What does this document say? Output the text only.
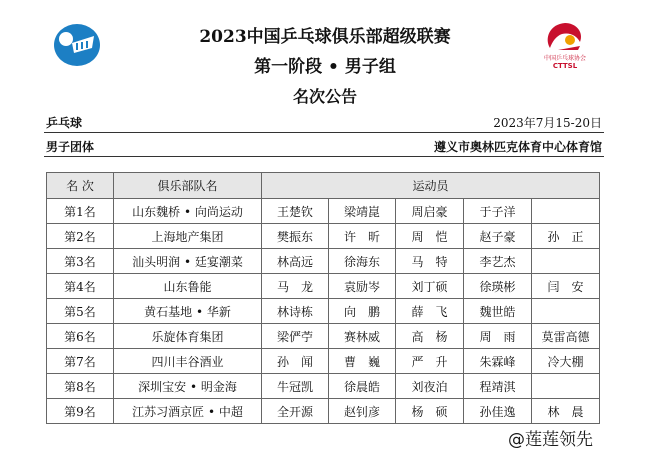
2023中国乒乓球俱乐部超级联赛
第一阶段 • 男子组
名次公告
中国乒乓球协会
CTTSL
乒乓球	2023年7月15-20日
男子团体	遵义市奥林匹克体育中心体育馆
名 次	俱乐部队名	运动员				
第1名	山东魏桥 • 向尚运动	王楚钦	梁靖崑	周启豪	于子洋	
第2名	上海地产集团	樊振东	许　昕	周　恺	赵子豪	孙　正
第3名	汕头明润 • 廷宴潮菜	林高远	徐海东	马　特	李艺杰	
第4名	山东鲁能	马　龙	袁励岑	刘丁硕	徐瑛彬	闫　安
第5名	黄石基地 • 华新	林诗栋	向　鹏	薛　飞	魏世皓	
第6名	乐旋体育集团	梁俨苧	赛林威	高　杨	周　雨	莫雷高德
第7名	四川丰谷酒业	孙　闻	曹　巍	严　升	朱霖峰	冷大棚
第8名	深圳宝安 • 明金海	牛冠凯	徐晨皓	刘夜泊	程靖淇	
第9名	江苏习酒京匠 • 中超	全开源	赵钊彦	杨　硕	孙佳逸	林　晨
@莲莲领先
